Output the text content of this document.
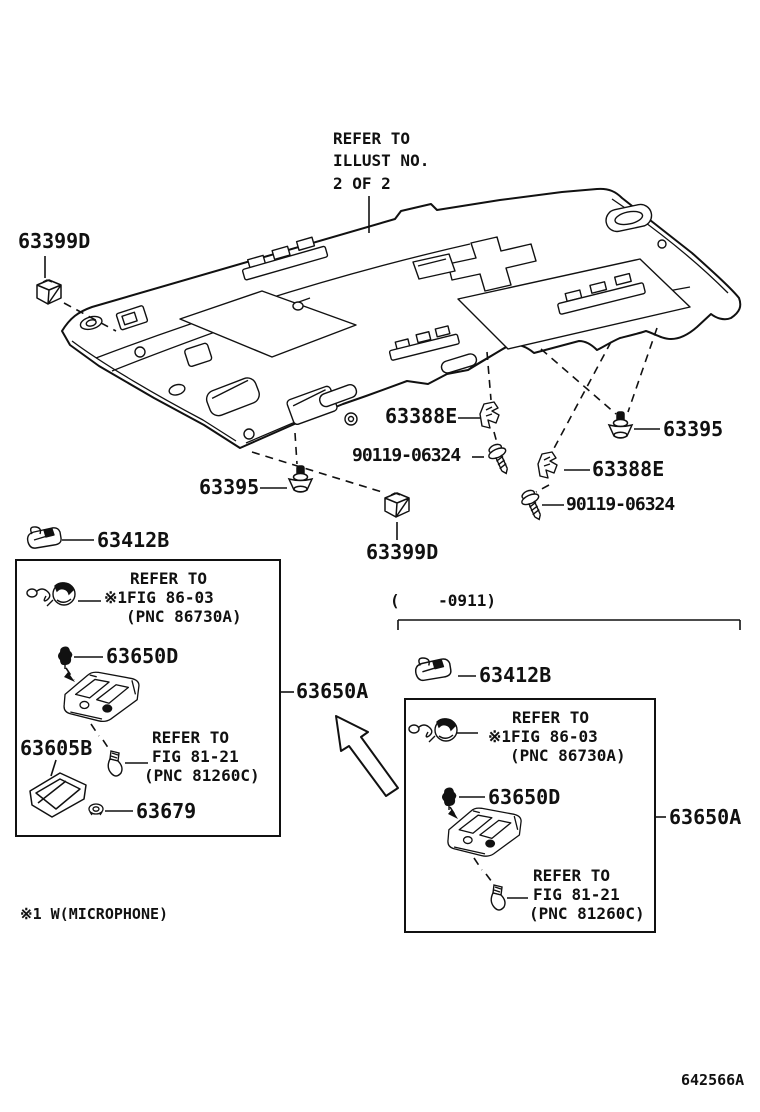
REFER TO
ILLUST NO.
2 OF 2
63399D
63388E
90119-06324
63395
63388E
90119-06324
63395
63399D
63412B
63412B
63650A
63650A
(    -0911)
REFER TO
※1FIG 86-03
(PNC 86730A)
63650D
63605B	REFER TO
FIG 81-21
(PNC 81260C)
63679
REFER TO
※1FIG 86-03
(PNC 86730A)
63650D
REFER TO
FIG 81-21
(PNC 81260C)
※1 W(MICROPHONE)
642566A
